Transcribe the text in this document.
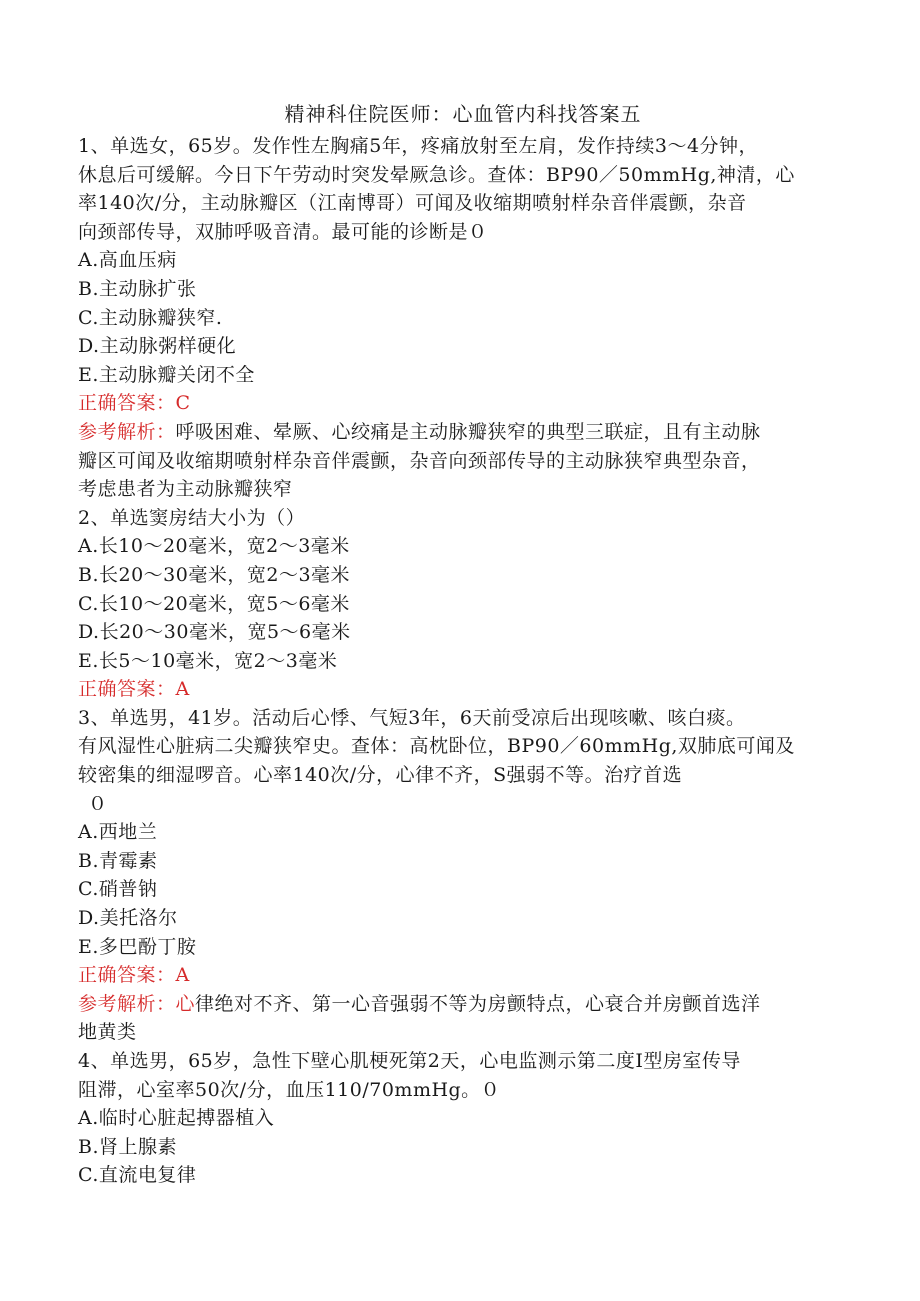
精神科住院医师：心血管内科找答案五
1、单选女，65岁。发作性左胸痛5年，疼痛放射至左肩，发作持续3～4分钟，
休息后可缓解。今日下午劳动时突发晕厥急诊。查体：BP90／50mmHg,神清，心
率140次/分，主动脉瓣区（江南博哥）可闻及收缩期喷射样杂音伴震颤，杂音
向颈部传导，双肺呼吸音清。最可能的诊断是０
A.高血压病
B.主动脉扩张
C.主动脉瓣狭窄.
D.主动脉粥样硬化
E.主动脉瓣关闭不全
正确答案：C
参考解析：呼吸困难、晕厥、心绞痛是主动脉瓣狭窄的典型三联症，且有主动脉
瓣区可闻及收缩期喷射样杂音伴震颤，杂音向颈部传导的主动脉狭窄典型杂音，
考虑患者为主动脉瓣狭窄
2、单选窦房结大小为（）
A.长10～20毫米，宽2～3毫米
B.长20～30毫米，宽2～3毫米
C.长10～20毫米，宽5～6毫米
D.长20～30毫米，宽5～6毫米
E.长5～10毫米，宽2～3毫米
正确答案：A
3、单选男，41岁。活动后心悸、气短3年，6天前受凉后出现咳嗽、咳白痰。
有风湿性心脏病二尖瓣狭窄史。查体：高枕卧位，BP90／60mmHg,双肺底可闻及
较密集的细湿啰音。心率140次/分，心律不齐，S强弱不等。治疗首选
０
A.西地兰
B.青霉素
C.硝普钠
D.美托洛尔
E.多巴酚丁胺
正确答案：A
参考解析：心律绝对不齐、第一心音强弱不等为房颤特点，心衰合并房颤首选洋
地黄类
4、单选男，65岁，急性下壁心肌梗死第2天，心电监测示第二度Ⅰ型房室传导
阻滞，心室率50次/分，血压110/70mmHg。０
A.临时心脏起搏器植入
B.肾上腺素
C.直流电复律
